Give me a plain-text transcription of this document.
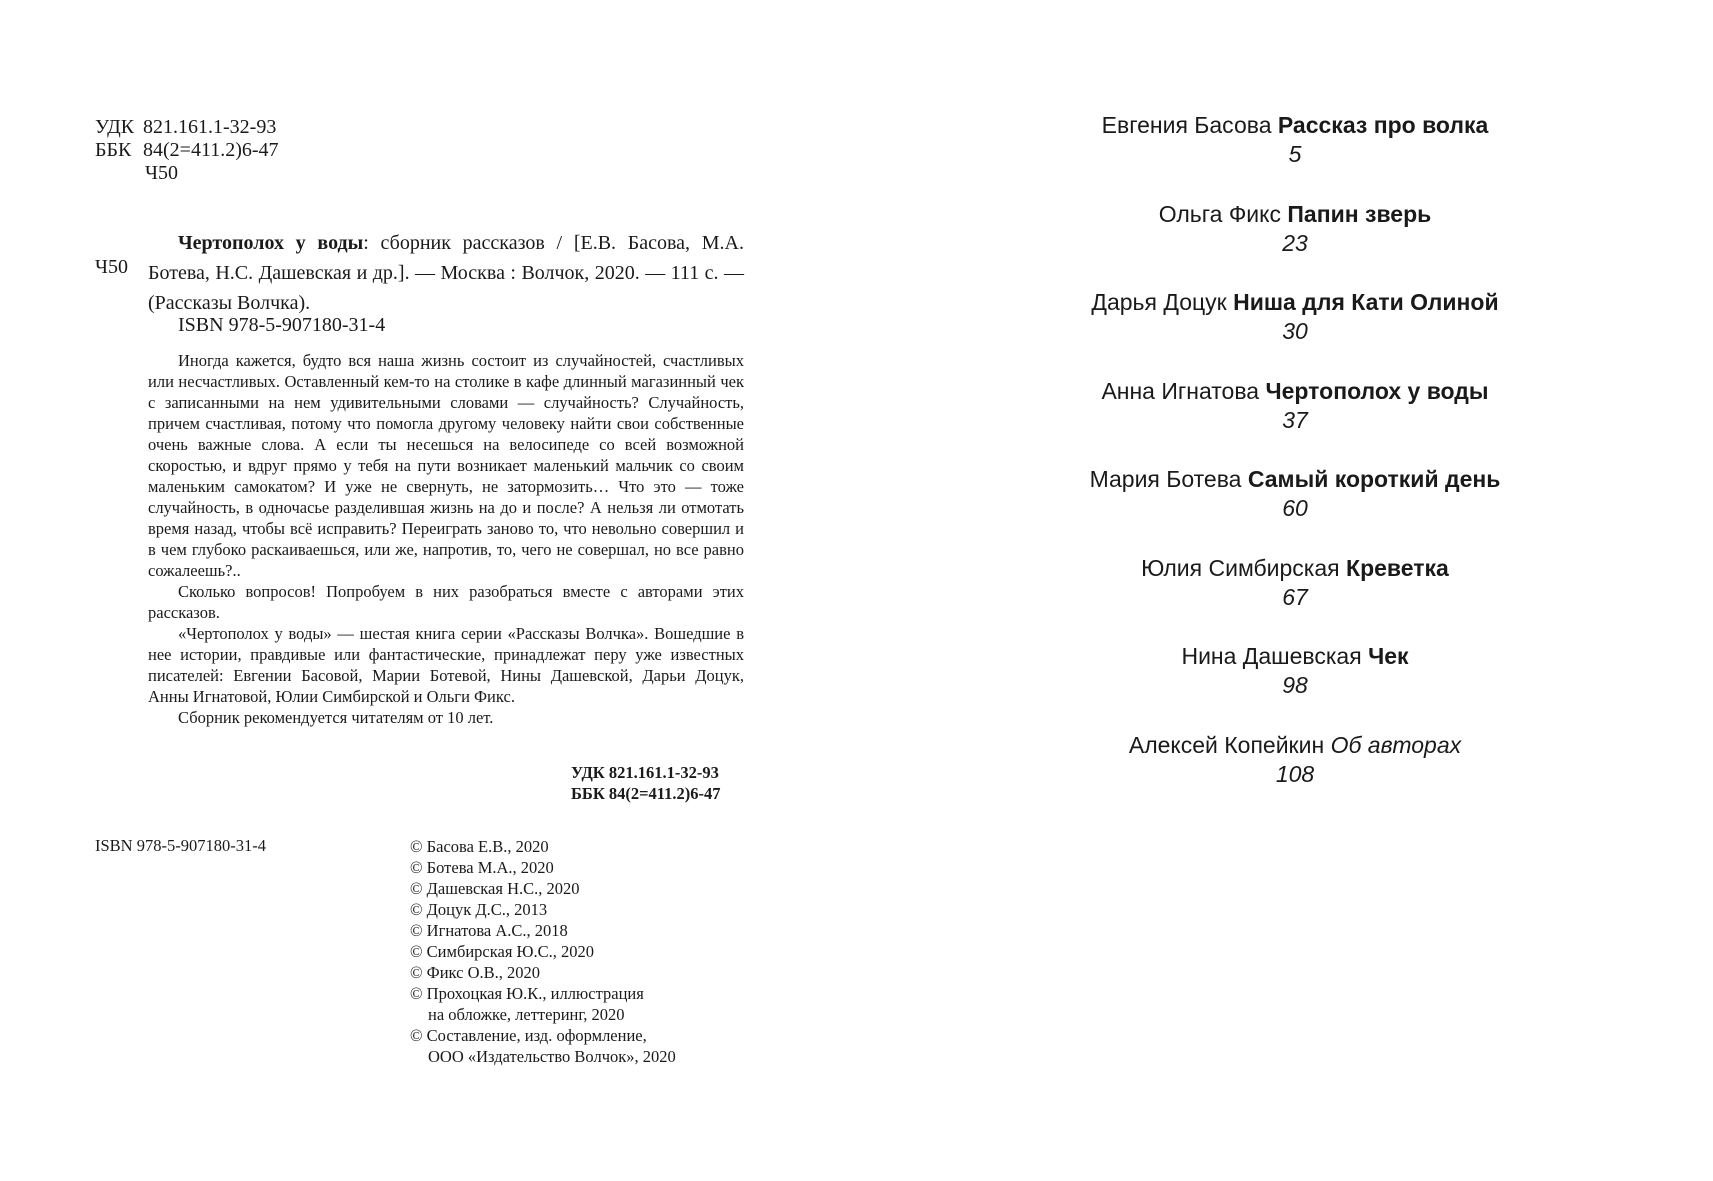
УДК 821.161.1-32-93
ББК 84(2=411.2)6-47
Ч50
Ч50
Чертополох у воды: сборник рассказов / [Е.В. Басова, М.А. Ботева, Н.С. Дашевская и др.]. — Москва : Волчок, 2020. — 111 с. — (Рассказы Волчка).
ISBN 978-5-907180-31-4

Иногда кажется, будто вся наша жизнь состоит из случайностей, счастливых или несчастливых. Оставленный кем-то на столике в кафе длинный магазинный чек с записанными на нем удивительными словами — случайность? Случайность, причем счастливая, потому что помогла другому человеку найти свои собственные очень важные слова. А если ты несешься на велосипеде со всей возможной скоростью, и вдруг прямо у тебя на пути возникает маленький мальчик со своим маленьким самокатом? И уже не свернуть, не затормозить… Что это — тоже случайность, в одночасье разделившая жизнь на до и после? А нельзя ли отмотать время назад, чтобы всё исправить? Переиграть заново то, что невольно совершил и в чем глубоко раскаиваешься, или же, напротив, то, чего не совершал, но все равно сожалеешь?..

Сколько вопросов! Попробуем в них разобраться вместе с авторами этих рассказов.

«Чертополох у воды» — шестая книга серии «Рассказы Волчка». Вошедшие в нее истории, правдивые или фантастические, принадлежат перу уже известных писателей: Евгении Басовой, Марии Ботевой, Нины Дашевской, Дарьи Доцук, Анны Игнатовой, Юлии Симбирской и Ольги Фикс.

Сборник рекомендуется читателям от 10 лет.

УДК 821.161.1-32-93
ББК 84(2=411.2)6-47
ISBN 978-5-907180-31-4	© Басова Е.В., 2020
© Ботева М.А., 2020
© Дашевская Н.С., 2020
© Доцук Д.С., 2013
© Игнатова А.С., 2018
© Симбирская Ю.С., 2020
© Фикс О.В., 2020
© Прохоцкая Ю.К., иллюстрация
на обложке, леттеринг, 2020
© Составление, изд. оформление,
ООО «Издательство Волчок», 2020
Евгения Басова Рассказ про волка
5
Ольга Фикс Папин зверь
23
Дарья Доцук Ниша для Кати Олиной
30
Анна Игнатова Чертополох у воды
37
Мария Ботева Самый короткий день
60
Юлия Симбирская Креветка
67
Нина Дашевская Чек
98
Алексей Копейкин Об авторах
108
